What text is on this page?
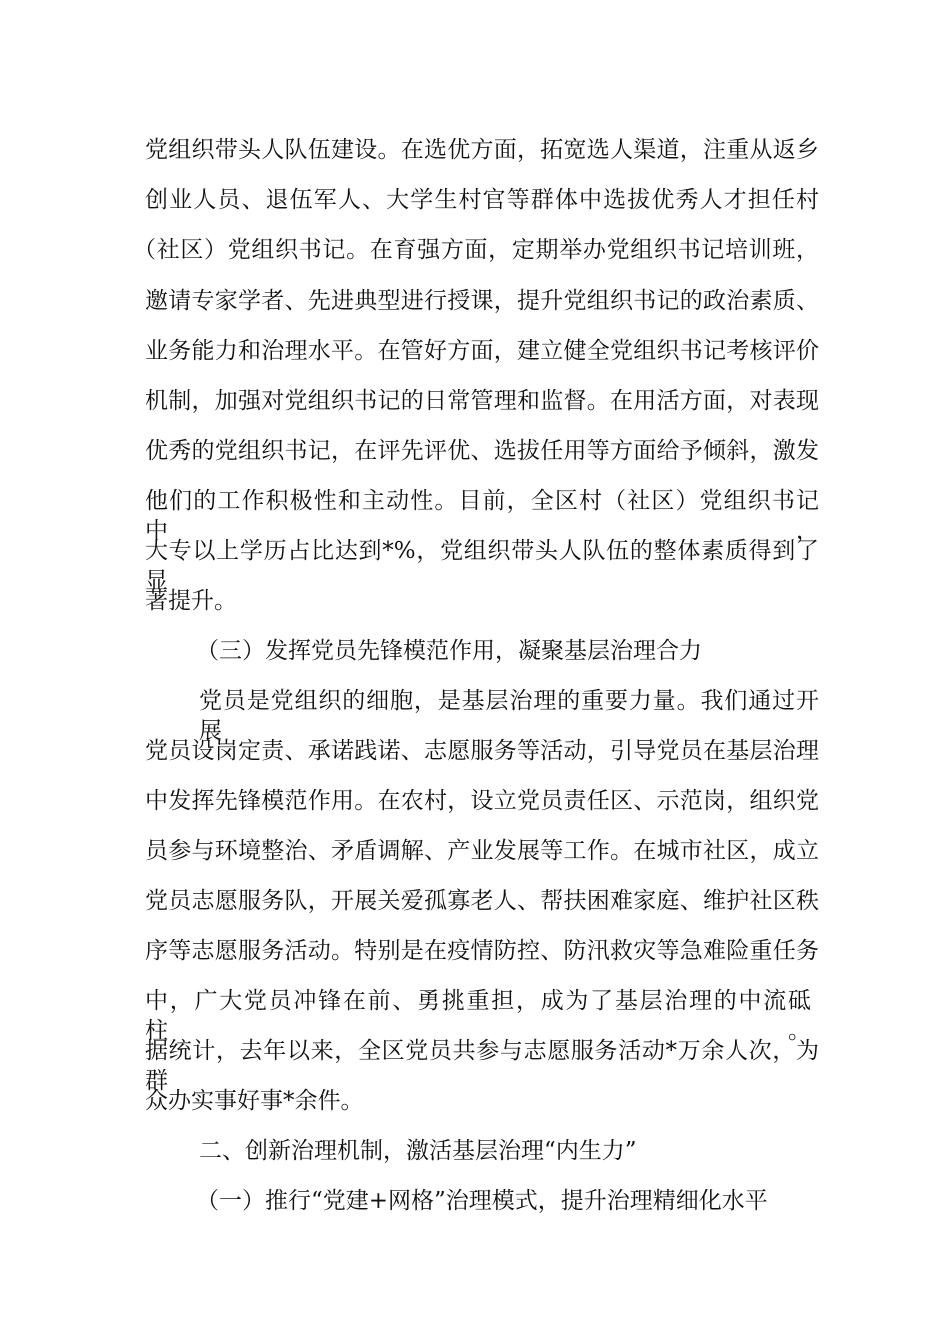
党组织带头人队伍建设。在选优方面，拓宽选人渠道，注重从返乡
创业人员、退伍军人、大学生村官等群体中选拔优秀人才担任村
（社区）党组织书记。在育强方面，定期举办党组织书记培训班，
邀请专家学者、先进典型进行授课，提升党组织书记的政治素质、
业务能力和治理水平。在管好方面，建立健全党组织书记考核评价
机制，加强对党组织书记的日常管理和监督。在用活方面，对表现
优秀的党组织书记，在评先评优、选拔任用等方面给予倾斜，激发
他们的工作积极性和主动性。目前，全区村（社区）党组织书记中，
大专以上学历占比达到*%，党组织带头人队伍的整体素质得到了显
著提升。
（三）发挥党员先锋模范作用，凝聚基层治理合力
党员是党组织的细胞，是基层治理的重要力量。我们通过开展
党员设岗定责、承诺践诺、志愿服务等活动，引导党员在基层治理
中发挥先锋模范作用。在农村，设立党员责任区、示范岗，组织党
员参与环境整治、矛盾调解、产业发展等工作。在城市社区，成立
党员志愿服务队，开展关爱孤寡老人、帮扶困难家庭、维护社区秩
序等志愿服务活动。特别是在疫情防控、防汛救灾等急难险重任务
中，广大党员冲锋在前、勇挑重担，成为了基层治理的中流砥柱。
据统计，去年以来，全区党员共参与志愿服务活动*万余人次，为群
众办实事好事*余件。
二、创新治理机制，激活基层治理“内生力”
（一）推行“党建+网格”治理模式，提升治理精细化水平
